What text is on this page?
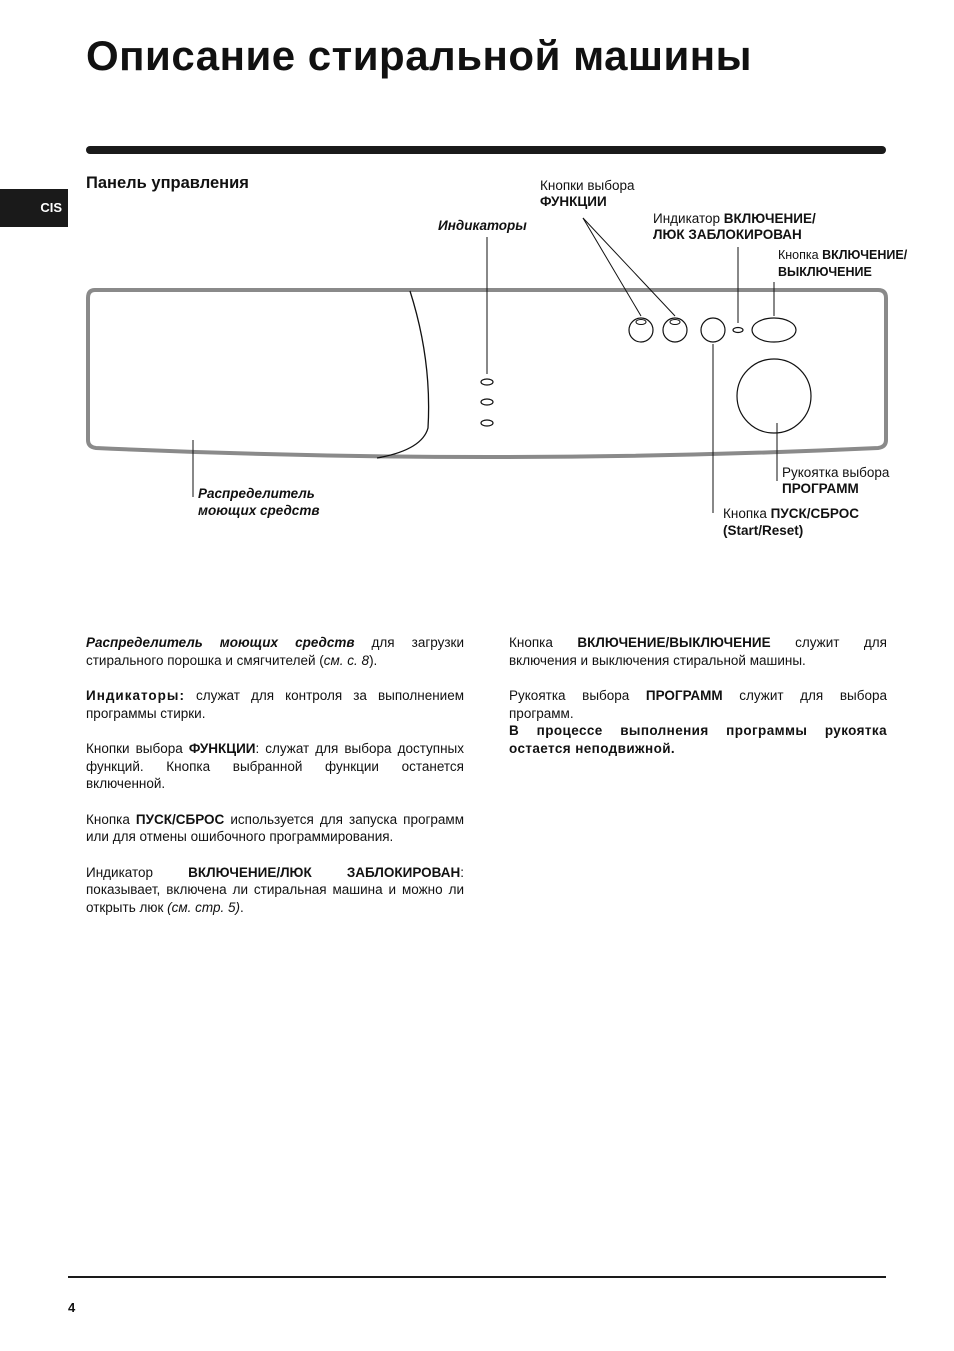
Описание стиральной машины
Панель управления
CIS
Кнопки выбора
ФУНКЦИИ
Индикаторы	Индикатор ВКЛЮЧЕНИЕ/
ЛЮК ЗАБЛОКИРОВАН
Кнопка ВКЛЮЧЕНИЕ/
ВЫКЛЮЧЕНИЕ
Распределитель
моющих средств
Рукоятка выбора
ПРОГРАММ
Кнопка ПУСК/СБРОС
(Start/Reset)

Распределитель моющих средств для загрузки стирального порошка и смягчителей (см. с. 8).

Индикаторы: служат для контроля за выполнением программы стирки.

Кнопки выбора ФУНКЦИИ: служат для выбора доступных функций. Кнопка выбранной функции останется включенной.

Кнопка ПУСК/СБРОС используется для запуска программ или для отмены ошибочного программирования.

Индикатор ВКЛЮЧЕНИЕ/ЛЮК ЗАБЛОКИРОВАН: показывает, включена ли стиральная машина и можно ли открыть люк (см. стр. 5).

Кнопка ВКЛЮЧЕНИЕ/ВЫКЛЮЧЕНИЕ служит для включения и выключения стиральной машины.

Рукоятка выбора ПРОГРАММ служит для выбора программ.

В процессе выполнения программы рукоятка остается неподвижной.

4
